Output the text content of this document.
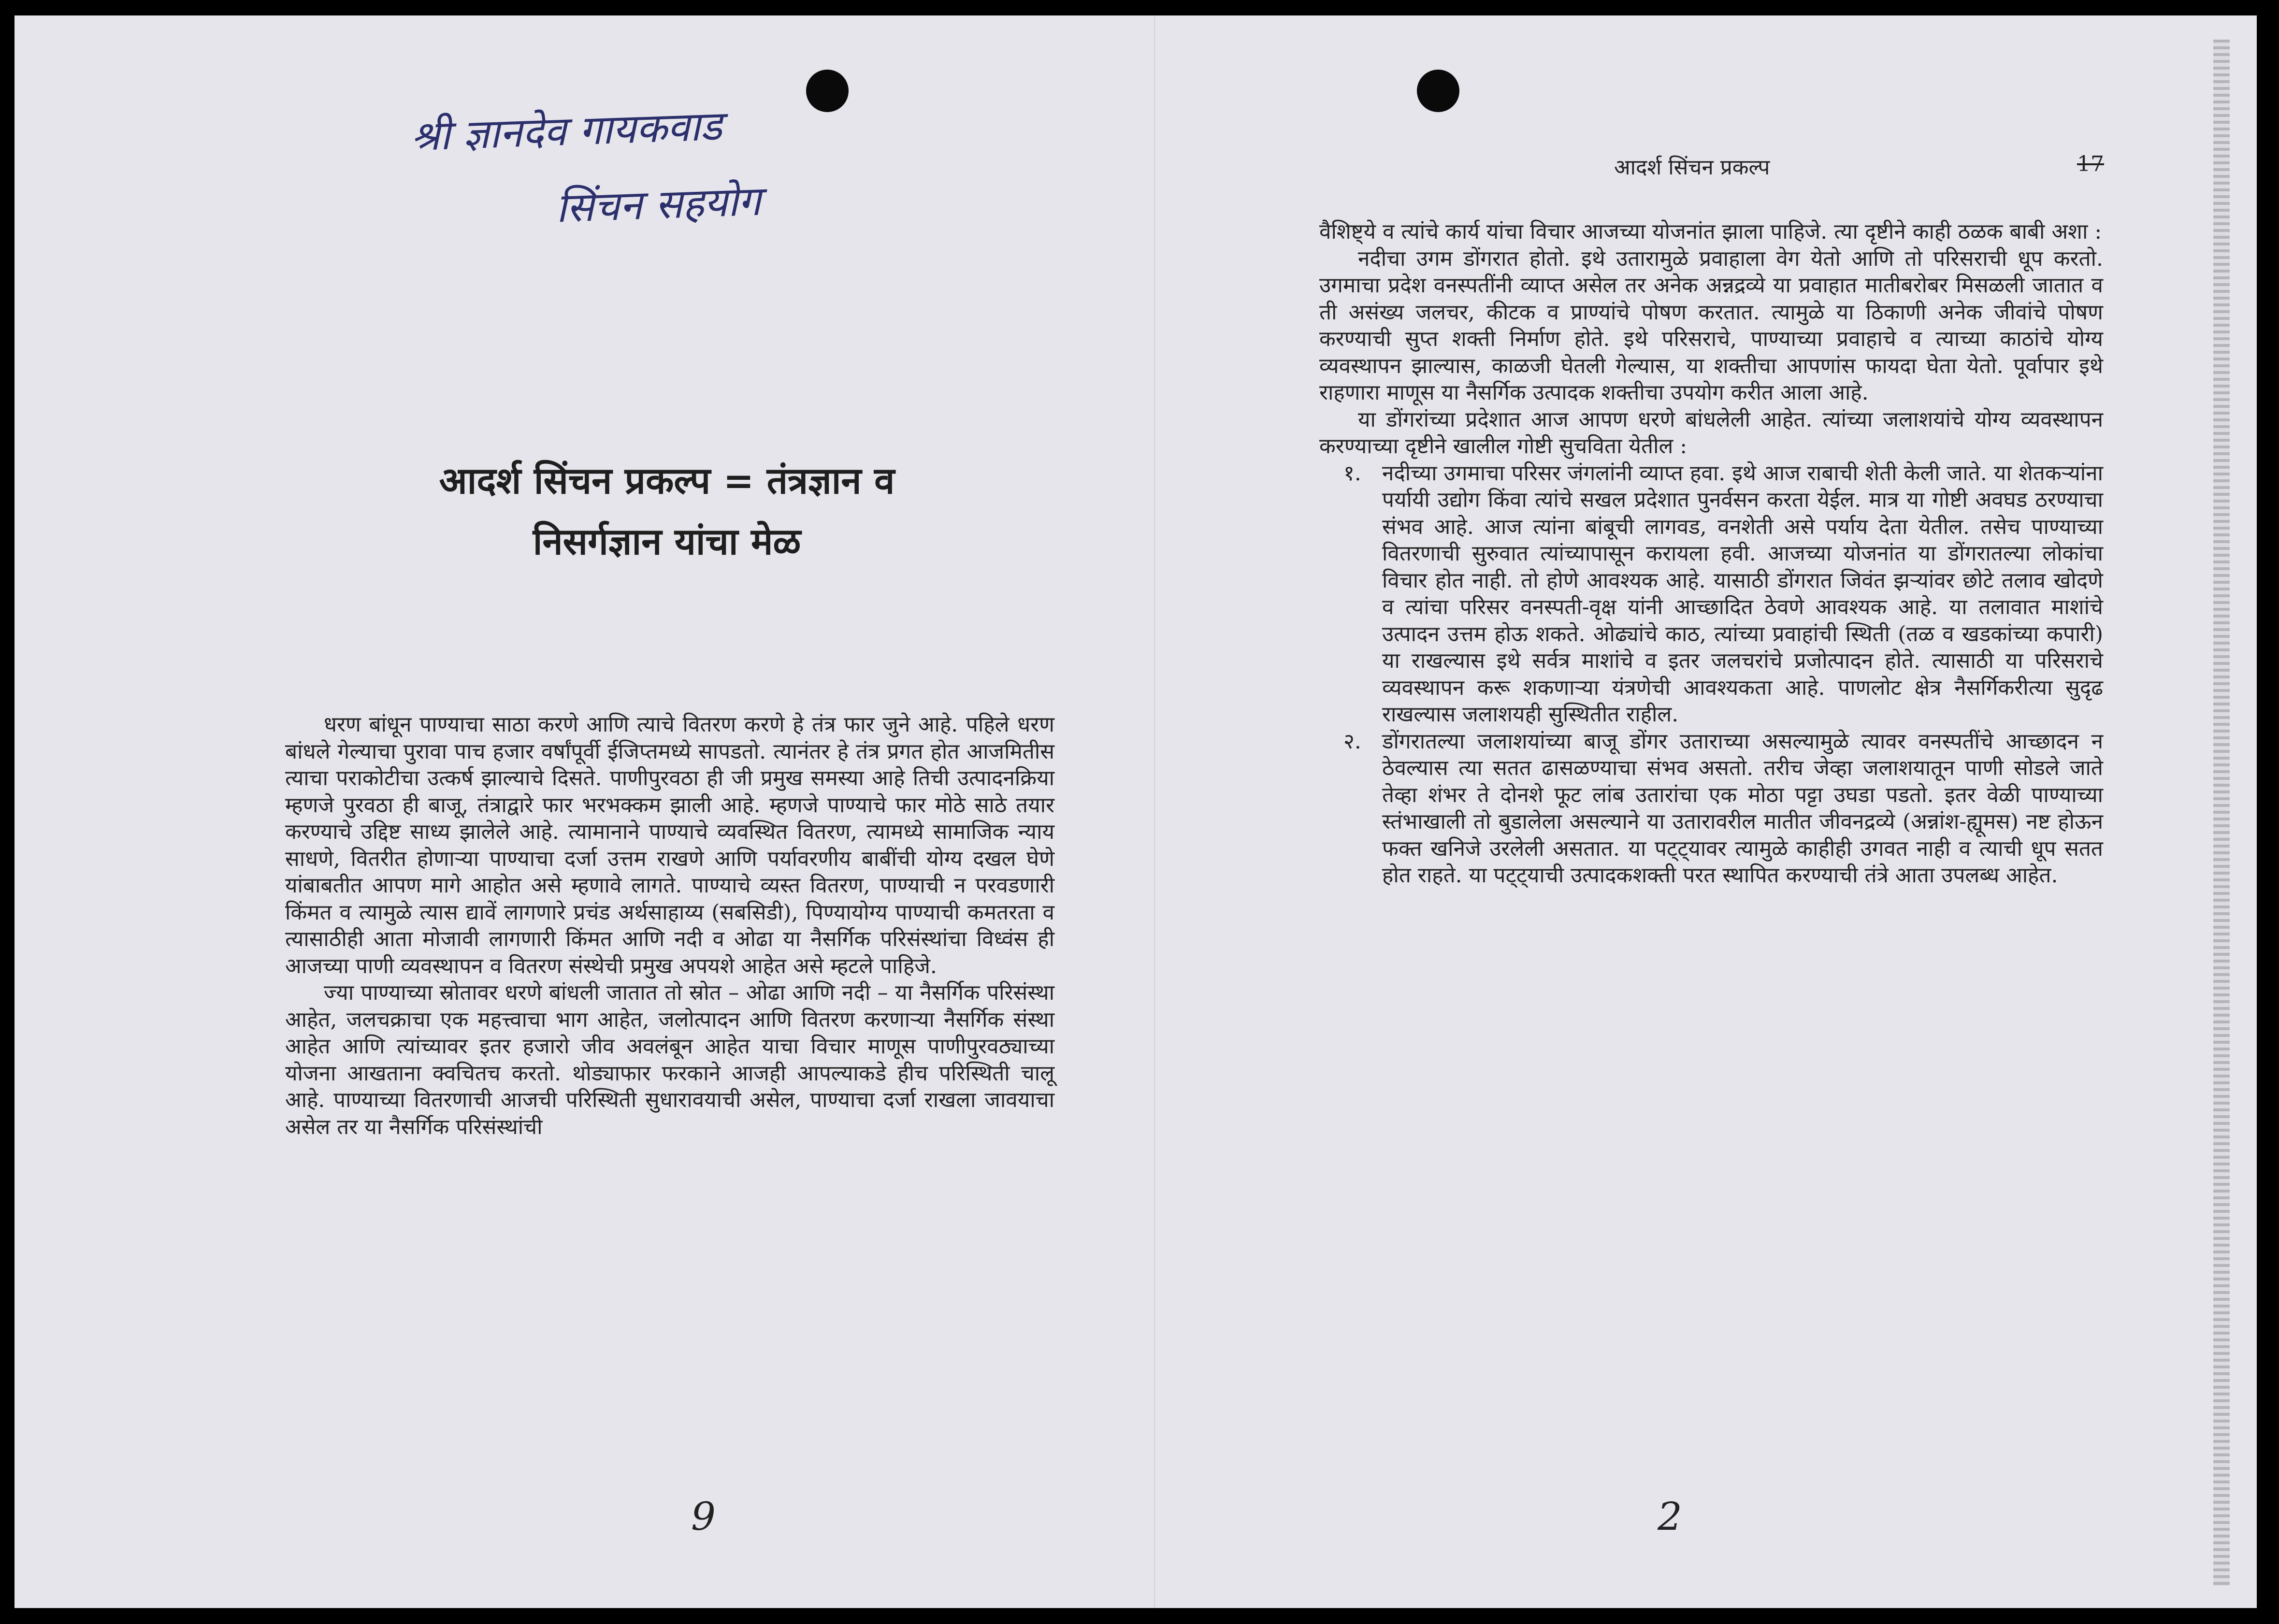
श्री ज्ञानदेव गायकवाड
सिंचन सहयोग
आदर्श सिंचन प्रकल्प = तंत्रज्ञान व
निसर्गज्ञान यांचा मेळ

धरण बांधून पाण्याचा साठा करणे आणि त्याचे वितरण करणे हे तंत्र फार जुने आहे. पहिले धरण बांधले गेल्याचा पुरावा पाच हजार वर्षांपूर्वी ईजिप्तमध्ये सापडतो. त्यानंतर हे तंत्र प्रगत होत आजमितीस त्याचा पराकोटीचा उत्कर्ष झाल्याचे दिसते. पाणीपुरवठा ही जी प्रमुख समस्या आहे तिची उत्पादनक्रिया म्हणजे पुरवठा ही बाजू, तंत्राद्वारे फार भरभक्कम झाली आहे. म्हणजे पाण्याचे फार मोठे साठे तयार करण्याचे उद्दिष्ट साध्य झालेले आहे. त्यामानाने पाण्याचे व्यवस्थित वितरण, त्यामध्ये सामाजिक न्याय साधणे, वितरीत होणाऱ्या पाण्याचा दर्जा उत्तम राखणे आणि पर्यावरणीय बाबींची योग्य दखल घेणे यांबाबतीत आपण मागे आहोत असे म्हणावे लागते. पाण्याचे व्यस्त वितरण, पाण्याची न परवडणारी किंमत व त्यामुळे त्यास द्यावें लागणारे प्रचंड अर्थसाहाय्य (सबसिडी), पिण्यायोग्य पाण्याची कमतरता व त्यासाठीही आता मोजावी लागणारी किंमत आणि नदी व ओढा या नैसर्गिक परिसंस्थांचा विध्वंस ही आजच्या पाणी व्यवस्थापन व वितरण संस्थेची प्रमुख अपयशे आहेत असे म्हटले पाहिजे.

ज्या पाण्याच्या स्रोतावर धरणे बांधली जातात तो स्रोत – ओढा आणि नदी – या नैसर्गिक परिसंस्था आहेत, जलचक्राचा एक महत्त्वाचा भाग आहेत, जलोत्पादन आणि वितरण करणाऱ्या नैसर्गिक संस्था आहेत आणि त्यांच्यावर इतर हजारो जीव अवलंबून आहेत याचा विचार माणूस पाणीपुरवठ्याच्या योजना आखताना क्वचितच करतो. थोड्याफार फरकाने आजही आपल्याकडे हीच परिस्थिती चालू आहे. पाण्याच्या वितरणाची आजची परिस्थिती सुधारावयाची असेल, पाण्याचा दर्जा राखला जावयाचा असेल तर या नैसर्गिक परिसंस्थांची

आदर्श सिंचन प्रकल्प	17

वैशिष्ट्ये व त्यांचे कार्य यांचा विचार आजच्या योजनांत झाला पाहिजे. त्या दृष्टीने काही ठळक बाबी अशा :

नदीचा उगम डोंगरात होतो. इथे उतारामुळे प्रवाहाला वेग येतो आणि तो परिसराची धूप करतो. उगमाचा प्रदेश वनस्पतींनी व्याप्त असेल तर अनेक अन्नद्रव्ये या प्रवाहात मातीबरोबर मिसळली जातात व ती असंख्य जलचर, कीटक व प्राण्यांचे पोषण करतात. त्यामुळे या ठिकाणी अनेक जीवांचे पोषण करण्याची सुप्त शक्ती निर्माण होते. इथे परिसराचे, पाण्याच्या प्रवाहाचे व त्याच्या काठांचे योग्य व्यवस्थापन झाल्यास, काळजी घेतली गेल्यास, या शक्तीचा आपणांस फायदा घेता येतो. पूर्वापार इथे राहणारा माणूस या नैसर्गिक उत्पादक शक्तीचा उपयोग करीत आला आहे.

या डोंगरांच्या प्रदेशात आज आपण धरणे बांधलेली आहेत. त्यांच्या जलाशयांचे योग्य व्यवस्थापन करण्याच्या दृष्टीने खालील गोष्टी सुचविता येतील :

१. नदीच्या उगमाचा परिसर जंगलांनी व्याप्त हवा. इथे आज राबाची शेती केली जाते. या शेतकऱ्यांना पर्यायी उद्योग किंवा त्यांचे सखल प्रदेशात पुनर्वसन करता येईल. मात्र या गोष्टी अवघड ठरण्याचा संभव आहे. आज त्यांना बांबूची लागवड, वनशेती असे पर्याय देता येतील. तसेच पाण्याच्या वितरणाची सुरुवात त्यांच्यापासून करायला हवी. आजच्या योजनांत या डोंगरातल्या लोकांचा विचार होत नाही. तो होणे आवश्यक आहे. यासाठी डोंगरात जिवंत झऱ्यांवर छोटे तलाव खोदणे व त्यांचा परिसर वनस्पती-वृक्ष यांनी आच्छादित ठेवणे आवश्यक आहे. या तलावात माशांचे उत्पादन उत्तम होऊ शकते. ओढ्यांचे काठ, त्यांच्या प्रवाहांची स्थिती (तळ व खडकांच्या कपारी) या राखल्यास इथे सर्वत्र माशांचे व इतर जलचरांचे प्रजोत्पादन होते. त्यासाठी या परिसराचे व्यवस्थापन करू शकणाऱ्या यंत्रणेची आवश्यकता आहे. पाणलोट क्षेत्र नैसर्गिकरीत्या सुदृढ राखल्यास जलाशयही सुस्थितीत राहील.
२. डोंगरातल्या जलाशयांच्या बाजू डोंगर उताराच्या असल्यामुळे त्यावर वनस्पतींचे आच्छादन न ठेवल्यास त्या सतत ढासळण्याचा संभव असतो. तरीच जेव्हा जलाशयातून पाणी सोडले जाते तेव्हा शंभर ते दोनशे फूट लांब उतारांचा एक मोठा पट्टा उघडा पडतो. इतर वेळी पाण्याच्या स्तंभाखाली तो बुडालेला असल्याने या उतारावरील मातीत जीवनद्रव्ये (अन्नांश-ह्यूमस) नष्ट होऊन फक्त खनिजे उरलेली असतात. या पट्ट्यावर त्यामुळे काहीही उगवत नाही व त्याची धूप सतत होत राहते. या पट्ट्याची उत्पादकशक्ती परत स्थापित करण्याची तंत्रे आता उपलब्ध आहेत.
9	2
